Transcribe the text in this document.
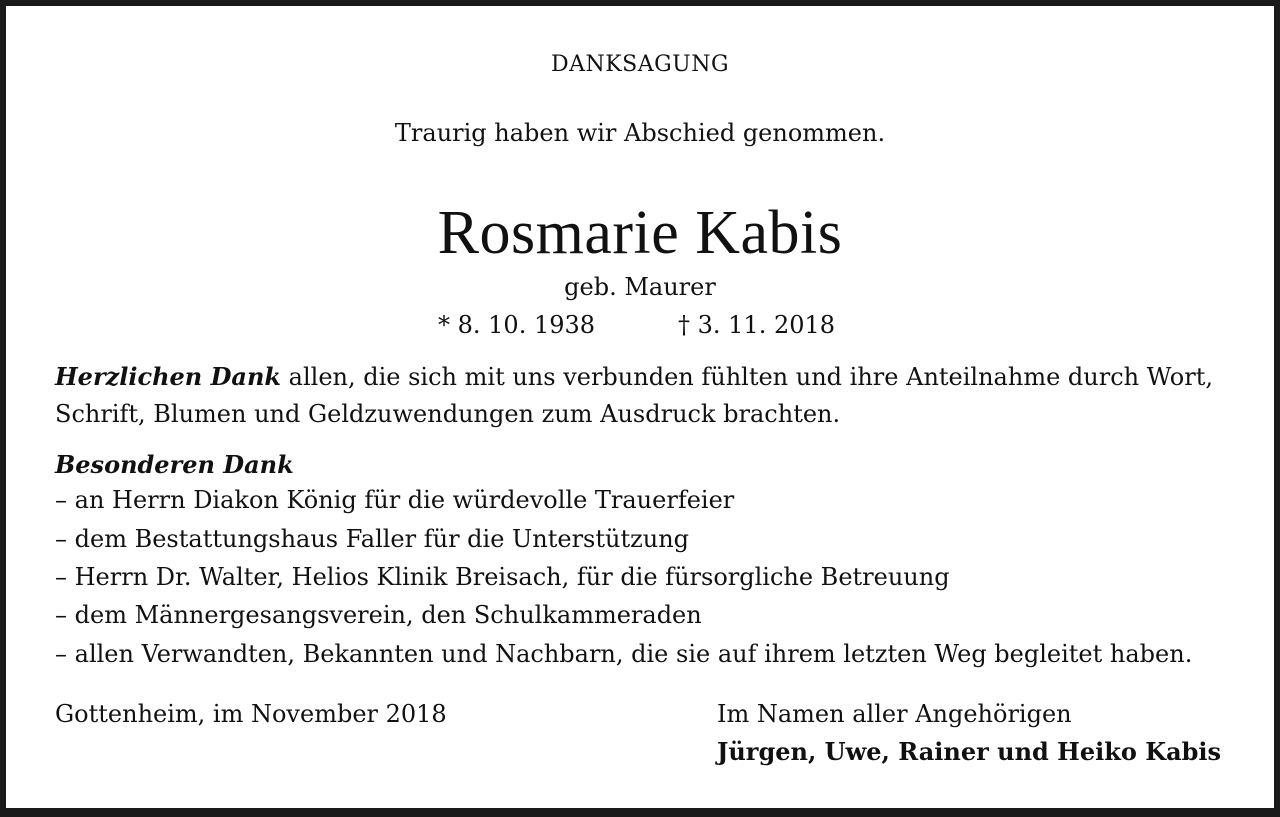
DANKSAGUNG
Traurig haben wir Abschied genommen.
Rosmarie Kabis
geb. Maurer
* 8. 10. 1938	† 3. 11. 2018
Herzlichen Dank allen, die sich mit uns verbunden fühlten und ihre Anteilnahme durch Wort,
Schrift, Blumen und Geldzuwendungen zum Ausdruck brachten.
Besonderen Dank
– an Herrn Diakon König für die würdevolle Trauerfeier
– dem Bestattungshaus Faller für die Unterstützung
– Herrn Dr. Walter, Helios Klinik Breisach, für die fürsorgliche Betreuung
– dem Männergesangsverein, den Schulkammeraden
– allen Verwandten, Bekannten und Nachbarn, die sie auf ihrem letzten Weg begleitet haben.
Gottenheim, im November 2018	Im Namen aller Angehörigen
Jürgen, Uwe, Rainer und Heiko Kabis
